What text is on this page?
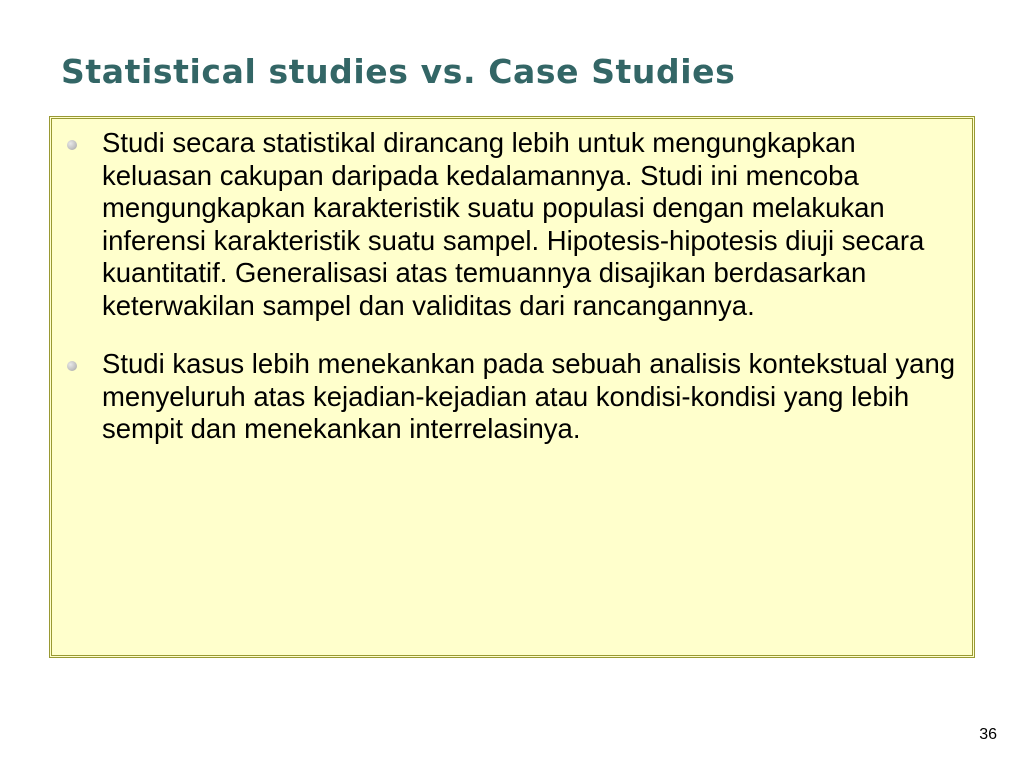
Statistical studies vs. Case Studies
Studi secara statistikal dirancang lebih untuk mengungkapkan keluasan cakupan daripada kedalamannya. Studi ini mencoba mengungkapkan karakteristik suatu populasi dengan melakukan inferensi karakteristik suatu sampel. Hipotesis-hipotesis diuji secara kuantitatif. Generalisasi atas temuannya disajikan berdasarkan keterwakilan sampel dan validitas dari rancangannya.
Studi kasus lebih menekankan pada sebuah analisis kontekstual yang menyeluruh atas kejadian-kejadian atau kondisi-kondisi yang lebih sempit dan menekankan interrelasinya.
36
